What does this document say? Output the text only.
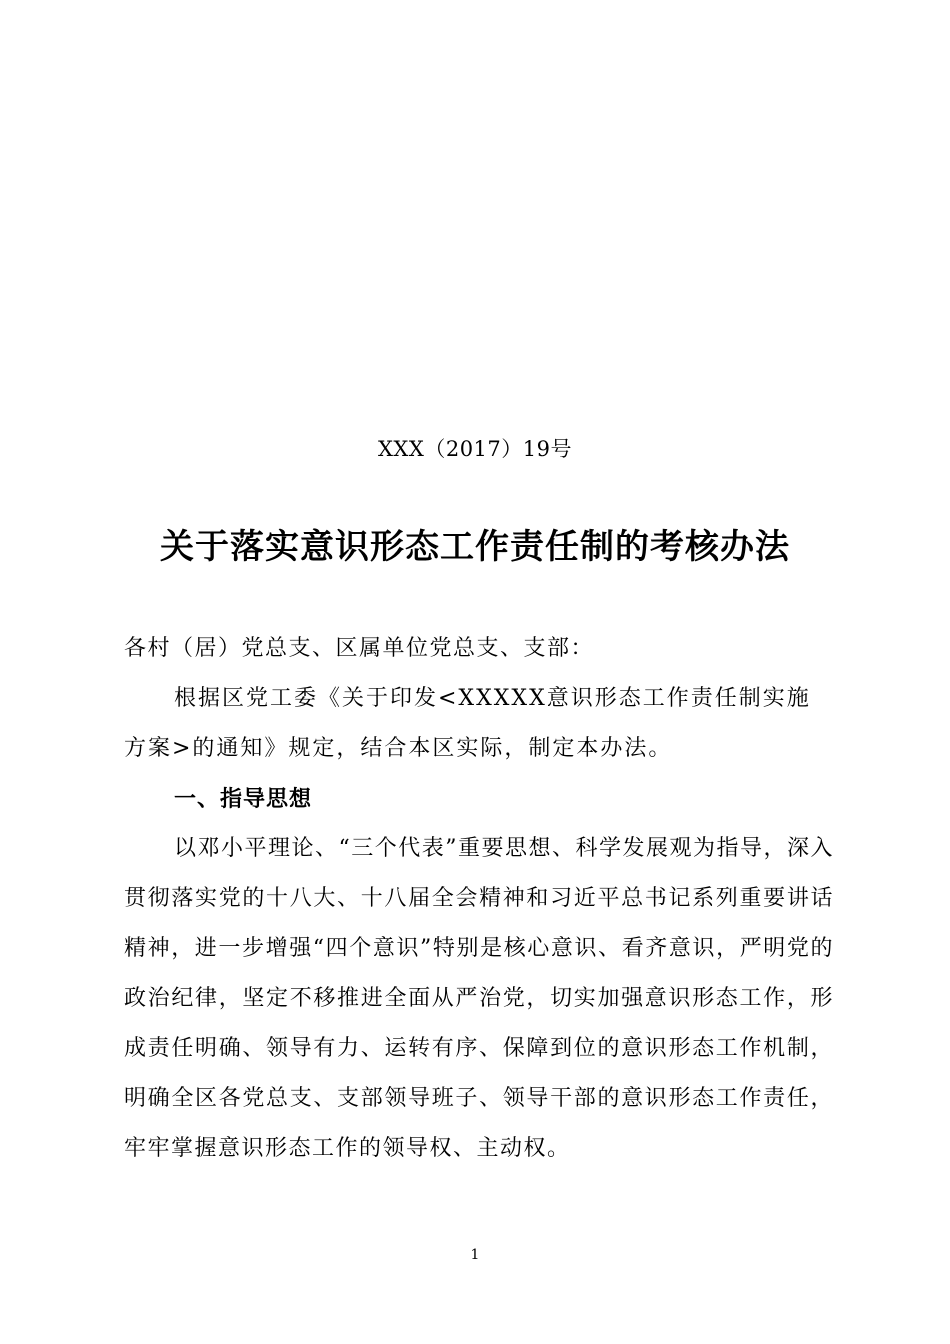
XXX（2017）19号
关于落实意识形态工作责任制的考核办法

各村（居）党总支、区属单位党总支、支部：

根据区党工委《关于印发<XXXXX意识形态工作责任制实施方案>的通知》规定，结合本区实际，制定本办法。

一、指导思想

以邓小平理论、“三个代表”重要思想、科学发展观为指导，深入贯彻落实党的十八大、十八届全会精神和习近平总书记系列重要讲话精神，进一步增强“四个意识”特别是核心意识、看齐意识，严明党的政治纪律，坚定不移推进全面从严治党，切实加强意识形态工作，形成责任明确、领导有力、运转有序、保障到位的意识形态工作机制，明确全区各党总支、支部领导班子、领导干部的意识形态工作责任，牢牢掌握意识形态工作的领导权、主动权。

1
